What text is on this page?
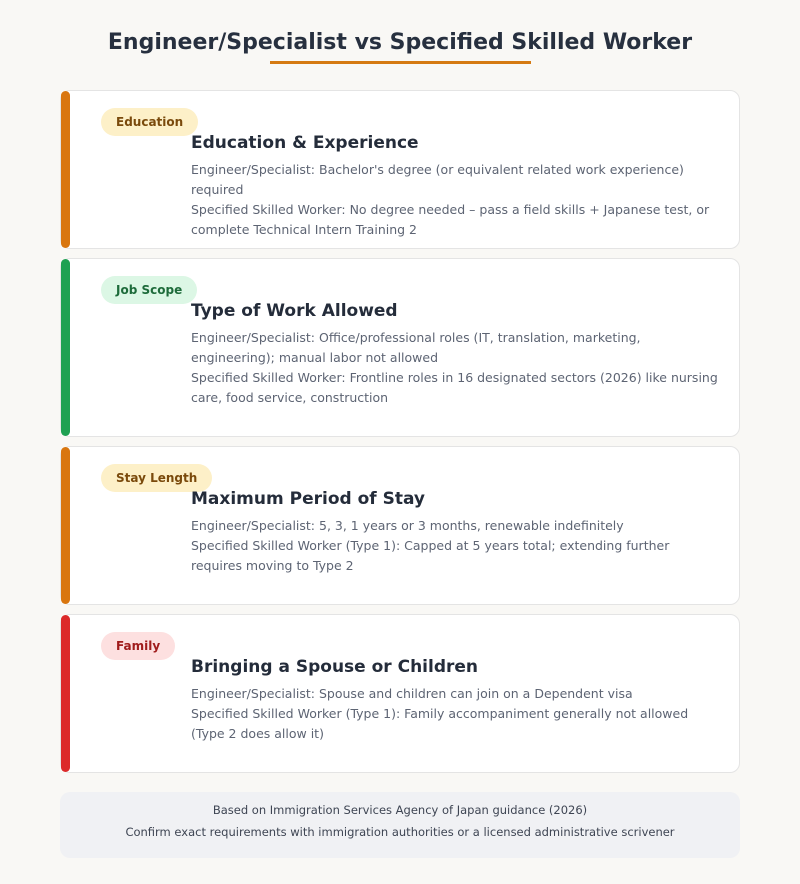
Engineer/Specialist vs Specified Skilled Worker
Education
Education & Experience

Engineer/Specialist: Bachelor's degree (or equivalent related work experience) required

Specified Skilled Worker: No degree needed – pass a field skills + Japanese test, or complete Technical Intern Training 2

Job Scope
Type of Work Allowed

Engineer/Specialist: Office/professional roles (IT, translation, marketing, engineering); manual labor not allowed

Specified Skilled Worker: Frontline roles in 16 designated sectors (2026) like nursing care, food service, construction

Stay Length
Maximum Period of Stay

Engineer/Specialist: 5, 3, 1 years or 3 months, renewable indefinitely

Specified Skilled Worker (Type 1): Capped at 5 years total; extending further requires moving to Type 2

Family
Bringing a Spouse or Children

Engineer/Specialist: Spouse and children can join on a Dependent visa

Specified Skilled Worker (Type 1): Family accompaniment generally not allowed (Type 2 does allow it)

Based on Immigration Services Agency of Japan guidance (2026)

Confirm exact requirements with immigration authorities or a licensed administrative scrivener
